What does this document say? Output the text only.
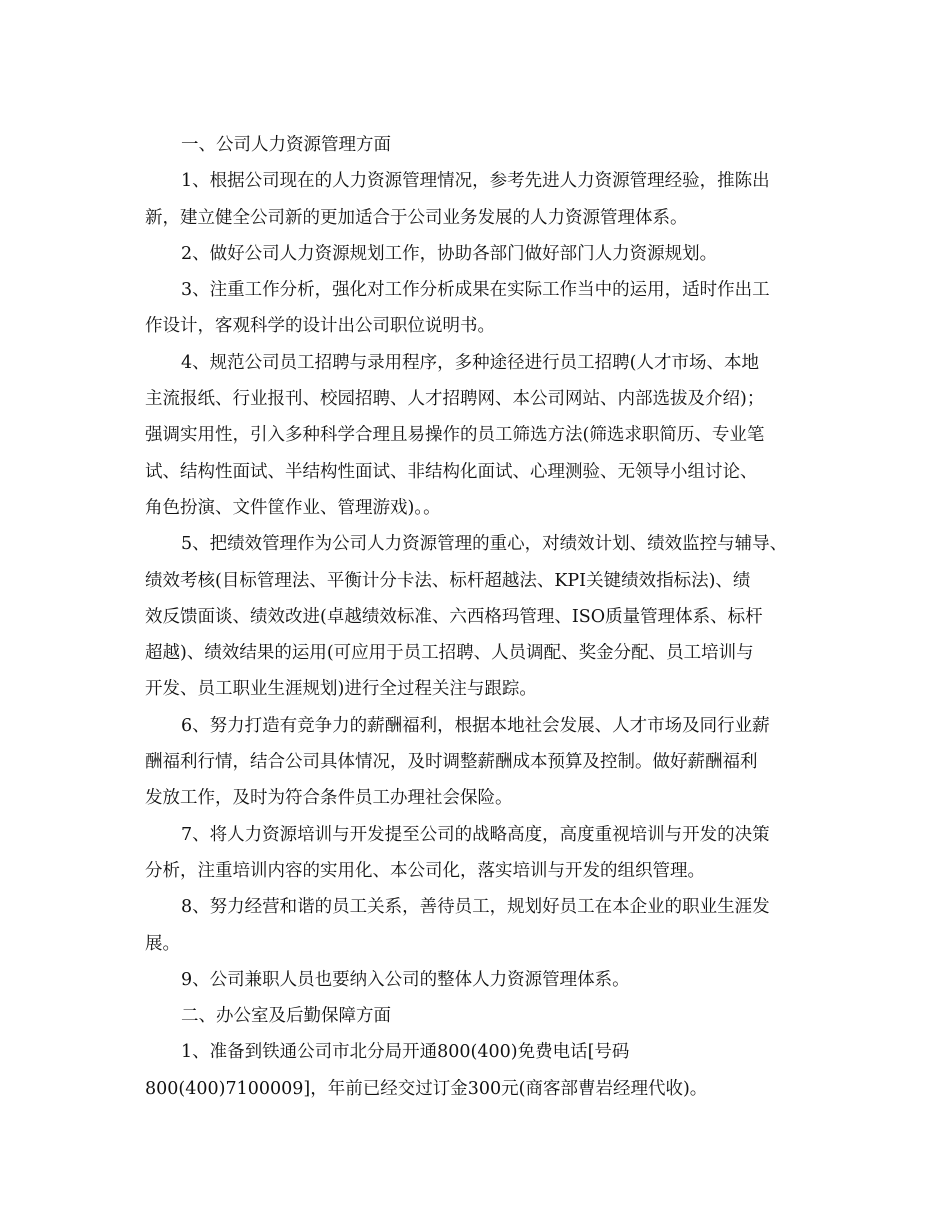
一、公司人力资源管理方面
1、根据公司现在的人力资源管理情况，参考先进人力资源管理经验，推陈出
新，建立健全公司新的更加适合于公司业务发展的人力资源管理体系。
2、做好公司人力资源规划工作，协助各部门做好部门人力资源规划。
3、注重工作分析，强化对工作分析成果在实际工作当中的运用，适时作出工
作设计，客观科学的设计出公司职位说明书。
4、规范公司员工招聘与录用程序，多种途径进行员工招聘(人才市场、本地
主流报纸、行业报刊、校园招聘、人才招聘网、本公司网站、内部选拔及介绍)；
强调实用性，引入多种科学合理且易操作的员工筛选方法(筛选求职简历、专业笔
试、结构性面试、半结构性面试、非结构化面试、心理测验、无领导小组讨论、
角色扮演、文件筐作业、管理游戏)。。
5、把绩效管理作为公司人力资源管理的重心，对绩效计划、绩效监控与辅导、
绩效考核(目标管理法、平衡计分卡法、标杆超越法、KPI关键绩效指标法)、绩
效反馈面谈、绩效改进(卓越绩效标准、六西格玛管理、ISO质量管理体系、标杆
超越)、绩效结果的运用(可应用于员工招聘、人员调配、奖金分配、员工培训与
开发、员工职业生涯规划)进行全过程关注与跟踪。
6、努力打造有竞争力的薪酬福利，根据本地社会发展、人才市场及同行业薪
酬福利行情，结合公司具体情况，及时调整薪酬成本预算及控制。做好薪酬福利
发放工作，及时为符合条件员工办理社会保险。
7、将人力资源培训与开发提至公司的战略高度，高度重视培训与开发的决策
分析，注重培训内容的实用化、本公司化，落实培训与开发的组织管理。
8、努力经营和谐的员工关系，善待员工，规划好员工在本企业的职业生涯发
展。
9、公司兼职人员也要纳入公司的整体人力资源管理体系。
二、办公室及后勤保障方面
1、准备到铁通公司市北分局开通800(400)免费电话[号码
800(400)7100009]，年前已经交过订金300元(商客部曹岩经理代收)。
